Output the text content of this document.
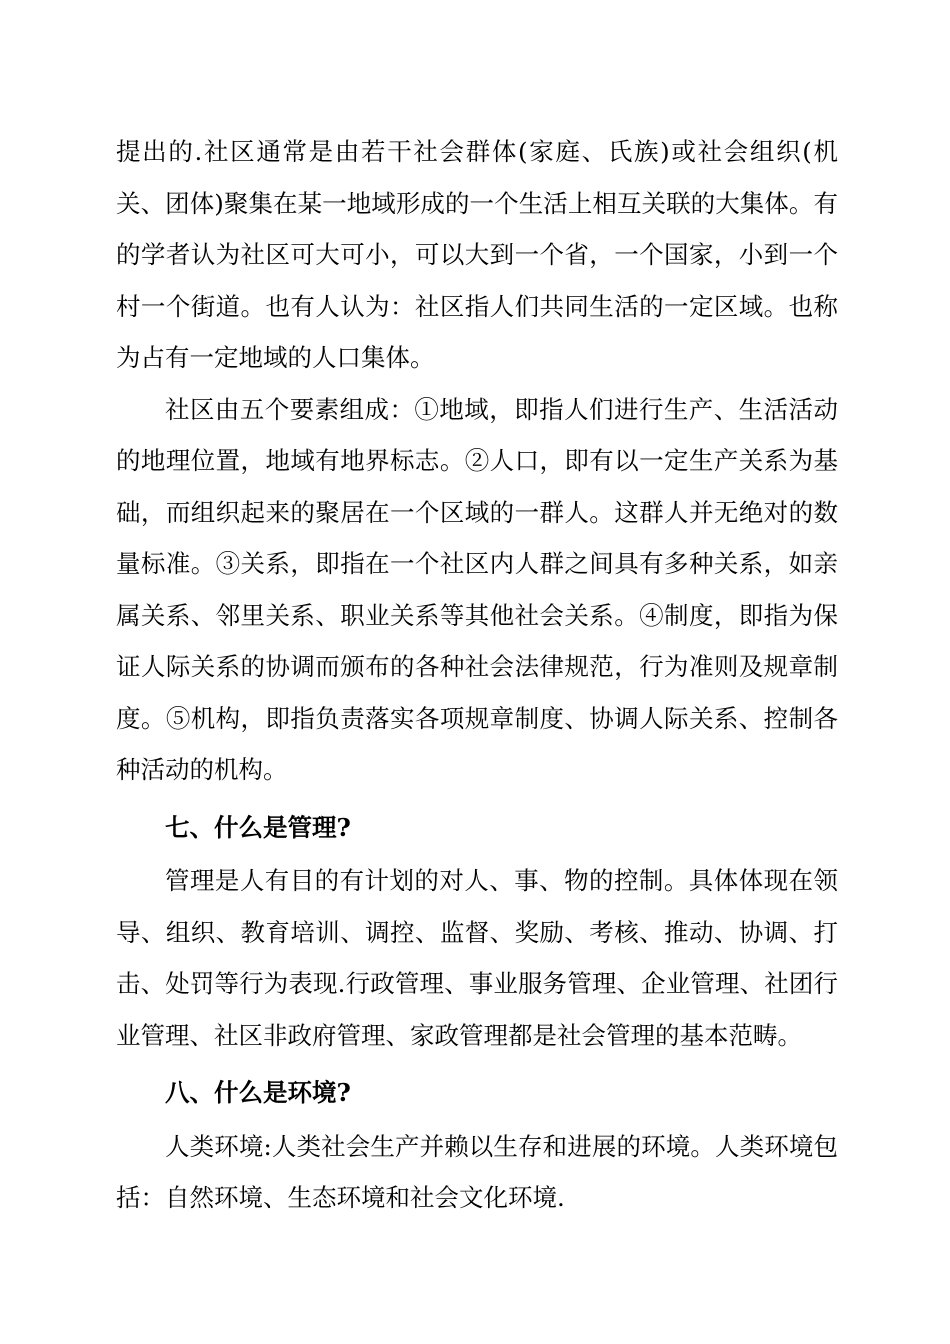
提出的.社区通常是由若干社会群体(家庭、氏族)或社会组织(机关、团体)聚集在某一地域形成的一个生活上相互关联的大集体。有的学者认为社区可大可小，可以大到一个省，一个国家，小到一个村一个街道。也有人认为：社区指人们共同生活的一定区域。也称为占有一定地域的人口集体。

社区由五个要素组成：①地域，即指人们进行生产、生活活动的地理位置，地域有地界标志。②人口，即有以一定生产关系为基础，而组织起来的聚居在一个区域的一群人。这群人并无绝对的数量标准。③关系，即指在一个社区内人群之间具有多种关系，如亲属关系、邻里关系、职业关系等其他社会关系。④制度，即指为保证人际关系的协调而颁布的各种社会法律规范，行为准则及规章制度。⑤机构，即指负责落实各项规章制度、协调人际关系、控制各种活动的机构。

七、什么是管理?

管理是人有目的有计划的对人、事、物的控制。具体体现在领导、组织、教育培训、调控、监督、奖励、考核、推动、协调、打击、处罚等行为表现.行政管理、事业服务管理、企业管理、社团行业管理、社区非政府管理、家政管理都是社会管理的基本范畴。

八、什么是环境?

人类环境:人类社会生产并赖以生存和进展的环境。人类环境包括：自然环境、生态环境和社会文化环境.
